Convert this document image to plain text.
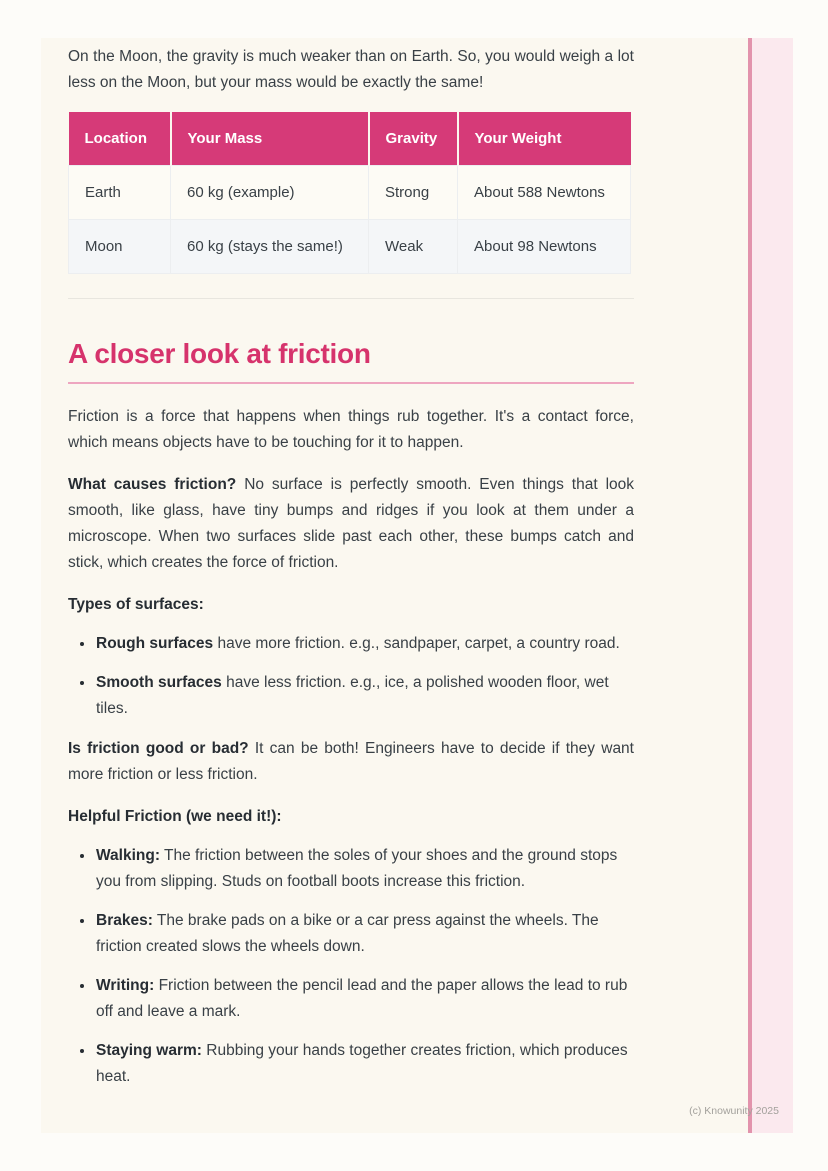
On the Moon, the gravity is much weaker than on Earth. So, you would weigh a lot less on the Moon, but your mass would be exactly the same!

Location	Your Mass	Gravity	Your Weight
Earth	60 kg (example)	Strong	About 588 Newtons
Moon	60 kg (stays the same!)	Weak	About 98 Newtons
A closer look at friction

Friction is a force that happens when things rub together. It's a contact force, which means objects have to be touching for it to happen.

What causes friction? No surface is perfectly smooth. Even things that look smooth, like glass, have tiny bumps and ridges if you look at them under a microscope. When two surfaces slide past each other, these bumps catch and stick, which creates the force of friction.

Types of surfaces:

• Rough surfaces have more friction. e.g., sandpaper, carpet, a country road.
• Smooth surfaces have less friction. e.g., ice, a polished wooden floor, wet tiles.

Is friction good or bad? It can be both! Engineers have to decide if they want more friction or less friction.

Helpful Friction (we need it!):

• Walking: The friction between the soles of your shoes and the ground stops you from slipping. Studs on football boots increase this friction.
• Brakes: The brake pads on a bike or a car press against the wheels. The friction created slows the wheels down.
• Writing: Friction between the pencil lead and the paper allows the lead to rub off and leave a mark.
• Staying warm: Rubbing your hands together creates friction, which produces heat.
(c) Knowunity 2025
